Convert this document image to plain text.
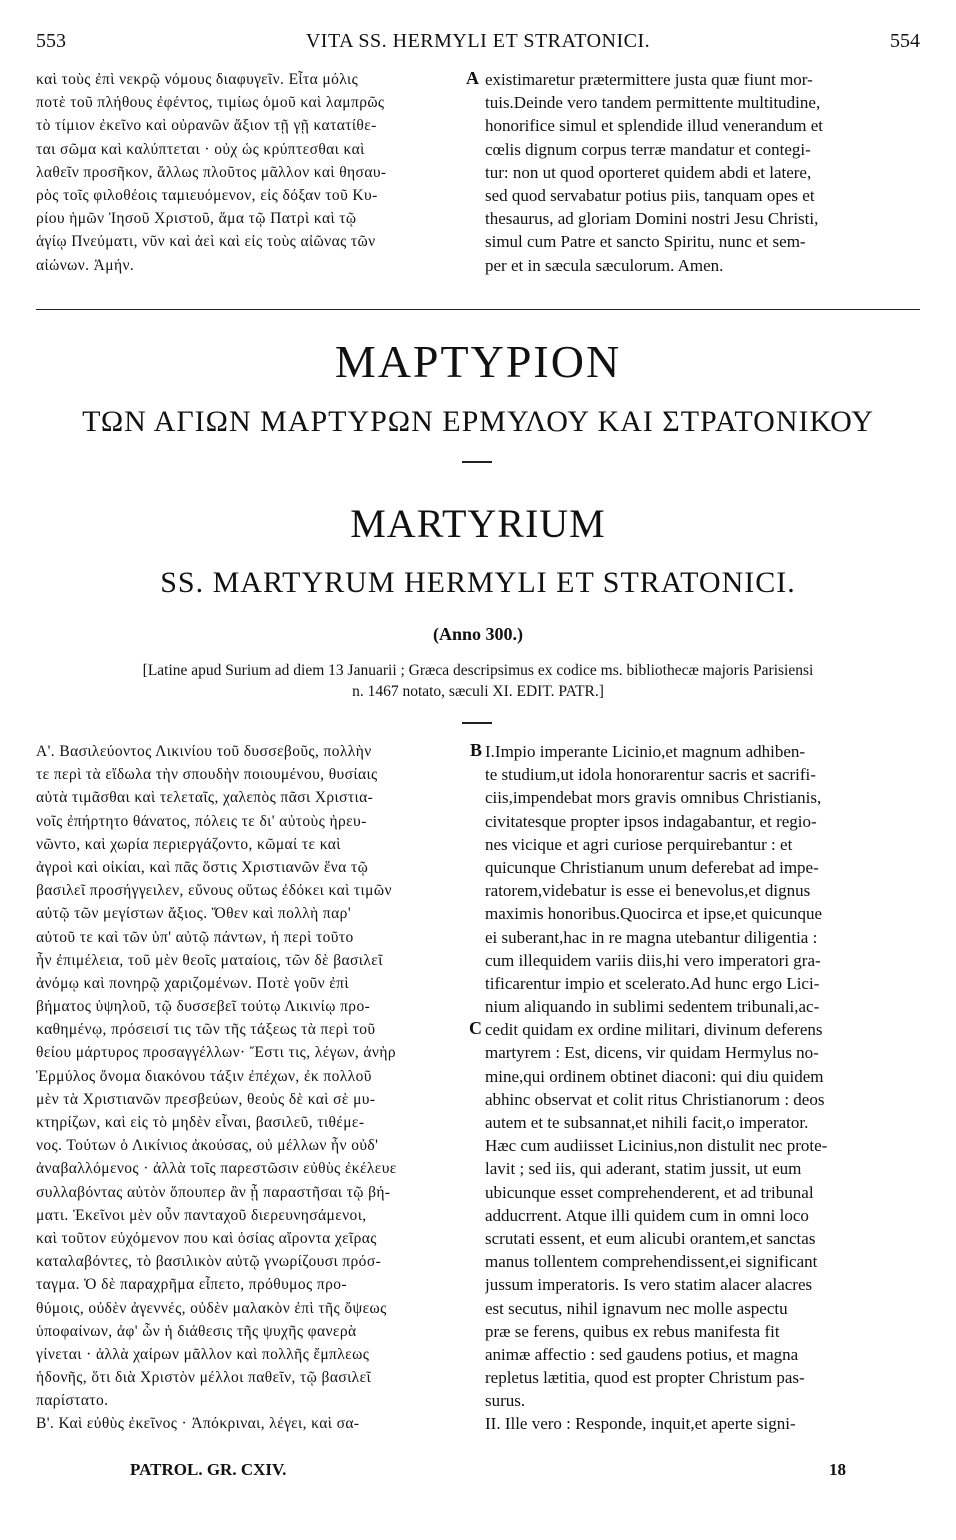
553	VITA SS. HERMYLI ET STRATONICI.	554
καὶ τοὺς ἐπὶ νεκρῷ νόμους διαφυγεῖν. Εἶτα μόλις
ποτὲ τοῦ πλήθους ἐφέντος, τιμίως ὁμοῦ καὶ λαμπρῶς
τὸ τίμιον ἐκεῖνο καὶ οὐρανῶν ἄξιον τῇ γῇ κατατίθε-
ται σῶμα καὶ καλύπτεται · οὐχ ὡς κρύπτεσθαι καὶ
λαθεῖν προσῆκον, ἄλλως πλοῦτος μᾶλλον καὶ θησαυ-
ρὸς τοῖς φιλοθέοις ταμιευόμενον, εἰς δόξαν τοῦ Κυ-
ρίου ἡμῶν Ἰησοῦ Χριστοῦ, ἅμα τῷ Πατρὶ καὶ τῷ
ἁγίῳ Πνεύματι, νῦν καὶ ἀεὶ καὶ εἰς τοὺς αἰῶνας τῶν
αἰώνων. Ἀμήν.
A existimaretur prætermittere justa quæ fiunt mor-
tuis.Deinde vero tandem permittente multitudine,
honorifice simul et splendide illud venerandum et
cœlis dignum corpus terræ mandatur et contegi-
tur: non ut quod oporteret quidem abdi et latere,
sed quod servabatur potius piis, tanquam opes et
thesaurus, ad gloriam Domini nostri Jesu Christi,
simul cum Patre et sancto Spiritu, nunc et sem-
per et in sæcula sæculorum. Amen.
ΜΑΡΤΥΡΙΟΝ
ΤΩΝ ΑΓΙΩΝ ΜΑΡΤΥΡΩΝ ΕΡΜΥΛΟΥ ΚΑΙ ΣΤΡΑΤΟΝΙΚΟΥ
MARTYRIUM
SS. MARTYRUM HERMYLI ET STRATONICI.
(Anno 300.)
[Latine apud Surium ad diem 13 Januarii ; Græca descripsimus ex codice ms. bibliothecæ majoris Parisiensi
n. 1467 notato, sæculi XI. EDIT. PATR.]
Α'. Βασιλεύοντος Λικινίου τοῦ δυσσεβοῦς, πολλὴν
τε περὶ τὰ εἴδωλα τὴν σπουδὴν ποιουμένου, θυσίαις
αὐτὰ τιμᾶσθαι καὶ τελεταῖς, χαλεπὸς πᾶσι Χριστια-
νοῖς ἐπήρτητο θάνατος, πόλεις τε δι' αὐτοὺς ἠρευ-
νῶντο, καὶ χωρία περιεργάζοντο, κῶμαί τε καὶ
ἀγροὶ καὶ οἰκίαι, καὶ πᾶς ὅστις Χριστιανῶν ἕνα τῷ
βασιλεῖ προσήγγειλεν, εὔνους οὕτως ἐδόκει καὶ τιμῶν
αὐτῷ τῶν μεγίστων ἄξιος. Ὅθεν καὶ πολλὴ παρ'
αὐτοῦ τε καὶ τῶν ὑπ' αὐτῷ πάντων, ἡ περὶ τοῦτο
ἦν ἐπιμέλεια, τοῦ μὲν θεοῖς ματαίοις, τῶν δὲ βασιλεῖ
ἀνόμῳ καὶ πονηρῷ χαριζομένων. Ποτὲ γοῦν ἐπὶ
βήματος ὑψηλοῦ, τῷ δυσσεβεῖ τούτῳ Λικινίῳ προ-
καθημένῳ, πρόσεισί τις τῶν τῆς τάξεως τὰ περὶ τοῦ
θείου μάρτυρος προσαγγέλλων· Ἔστι τις, λέγων, ἀνὴρ
Ἑρμύλος ὄνομα διακόνου τάξιν ἐπέχων, ἐκ πολλοῦ
μὲν τὰ Χριστιανῶν πρεσβεύων, θεοὺς δὲ καὶ σὲ μυ-
κτηρίζων, καὶ εἰς τὸ μηδὲν εἶναι, βασιλεῦ, τιθέμε-
νος. Τούτων ὁ Λικίνιος ἀκούσας, οὐ μέλλων ἦν οὐδ'
ἀναβαλλόμενος · ἀλλὰ τοῖς παρεστῶσιν εὐθὺς ἐκέλευε
συλλαβόντας αὐτὸν ὅπουπερ ἂν ᾖ παραστῆσαι τῷ βή-
ματι. Ἐκεῖνοι μὲν οὖν πανταχοῦ διερευνησάμενοι,
καὶ τοῦτον εὐχόμενον που καὶ ὁσίας αἴροντα χεῖρας
καταλαβόντες, τὸ βασιλικὸν αὐτῷ γνωρίζουσι πρόσ-
ταγμα. Ὁ δὲ παραχρῆμα εἶπετο, πρόθυμος προ-
θύμοις, οὐδὲν ἀγεννές, οὐδὲν μαλακὸν ἐπὶ τῆς ὄψεως
ὑποφαίνων, ἀφ' ὧν ἡ διάθεσις τῆς ψυχῆς φανερὰ
γίνεται · ἀλλὰ χαίρων μᾶλλον καὶ πολλῆς ἔμπλεως
ἡδονῆς, ὅτι διὰ Χριστὸν μέλλοι παθεῖν, τῷ βασιλεῖ
παρίστατο.
Β'. Καὶ εὐθὺς ἐκεῖνος · Ἀπόκριναι, λέγει, καὶ σα-
B
C
I.Impio imperante Licinio,et magnum adhiben-
te studium,ut idola honorarentur sacris et sacrifi-
ciis,impendebat mors gravis omnibus Christianis,
civitatesque propter ipsos indagabantur, et regio-
nes vicique et agri curiose perquirebantur : et
quicunque Christianum unum deferebat ad impe-
ratorem,videbatur is esse ei benevolus,et dignus
maximis honoribus.Quocirca et ipse,et quicunque
ei suberant,hac in re magna utebantur diligentia :
cum illequidem variis diis,hi vero imperatori gra-
tificarentur impio et scelerato.Ad hunc ergo Lici-
nium aliquando in sublimi sedentem tribunali,ac-
cedit quidam ex ordine militari, divinum deferens
martyrem : Est, dicens, vir quidam Hermylus no-
mine,qui ordinem obtinet diaconi: qui diu quidem
abhinc observat et colit ritus Christianorum : deos
autem et te subsannat,et nihili facit,o imperator.
Hæc cum audiisset Licinius,non distulit nec prote-
lavit ; sed iis, qui aderant, statim jussit, ut eum
ubicunque esset comprehenderent, et ad tribunal
adducrrent. Atque illi quidem cum in omni loco
scrutati essent, et eum alicubi orantem,et sanctas
manus tollentem comprehendissent,ei significant
jussum imperatoris. Is vero statim alacer alacres
est secutus, nihil ignavum nec molle aspectu
præ se ferens, quibus ex rebus manifesta fit
animæ affectio : sed gaudens potius, et magna
repletus lætitia, quod est propter Christum pas-
surus.
II. Ille vero : Responde, inquit,et aperte signi-
PATROL. GR. CXIV.	18
